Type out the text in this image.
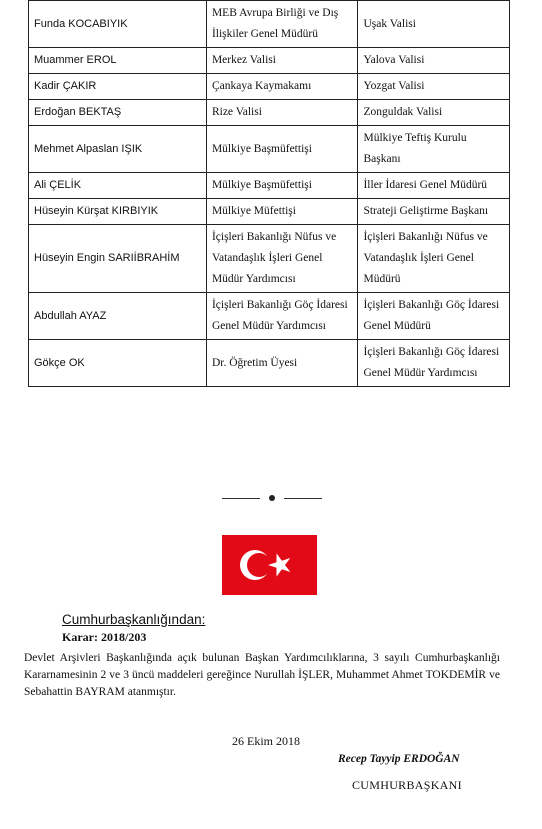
Funda KOCABIYIK	MEB Avrupa Birliği ve Dış İlişkiler Genel Müdürü	Uşak Valisi
Muammer EROL	Merkez Valisi	Yalova Valisi
Kadir ÇAKIR	Çankaya Kaymakamı	Yozgat Valisi
Erdoğan BEKTAŞ	Rize Valisi	Zonguldak Valisi
Mehmet Alpaslan IŞIK	Mülkiye Başmüfettişi	Mülkiye Teftiş Kurulu Başkanı
Ali ÇELİK	Mülkiye Başmüfettişi	İller İdaresi Genel Müdürü
Hüseyin Kürşat KIRBIYIK	Mülkiye Müfettişi	Strateji Geliştirme Başkanı
Hüseyin Engin SARIİBRAHİM	İçişleri Bakanlığı Nüfus ve Vatandaşlık İşleri Genel Müdür Yardımcısı	İçişleri Bakanlığı Nüfus ve Vatandaşlık İşleri Genel Müdürü
Abdullah AYAZ	İçişleri Bakanlığı Göç İdaresi Genel Müdür Yardımcısı	İçişleri Bakanlığı Göç İdaresi Genel Müdürü
Gökçe OK	Dr. Öğretim Üyesi	İçişleri Bakanlığı Göç İdaresi Genel Müdür Yardımcısı
Cumhurbaşkanlığından:
Karar: 2018/203
Devlet Arşivleri Başkanlığında açık bulunan Başkan Yardımcılıklarına, 3 sayılı Cumhurbaşkanlığı Kararnamesinin 2 ve 3 üncü maddeleri gereğince Nurullah İŞLER, Muhammet Ahmet TOKDEMİR ve Sebahattin BAYRAM atanmıştır.
26 Ekim 2018
Recep Tayyip ERDOĞAN
CUMHURBAŞKANI
